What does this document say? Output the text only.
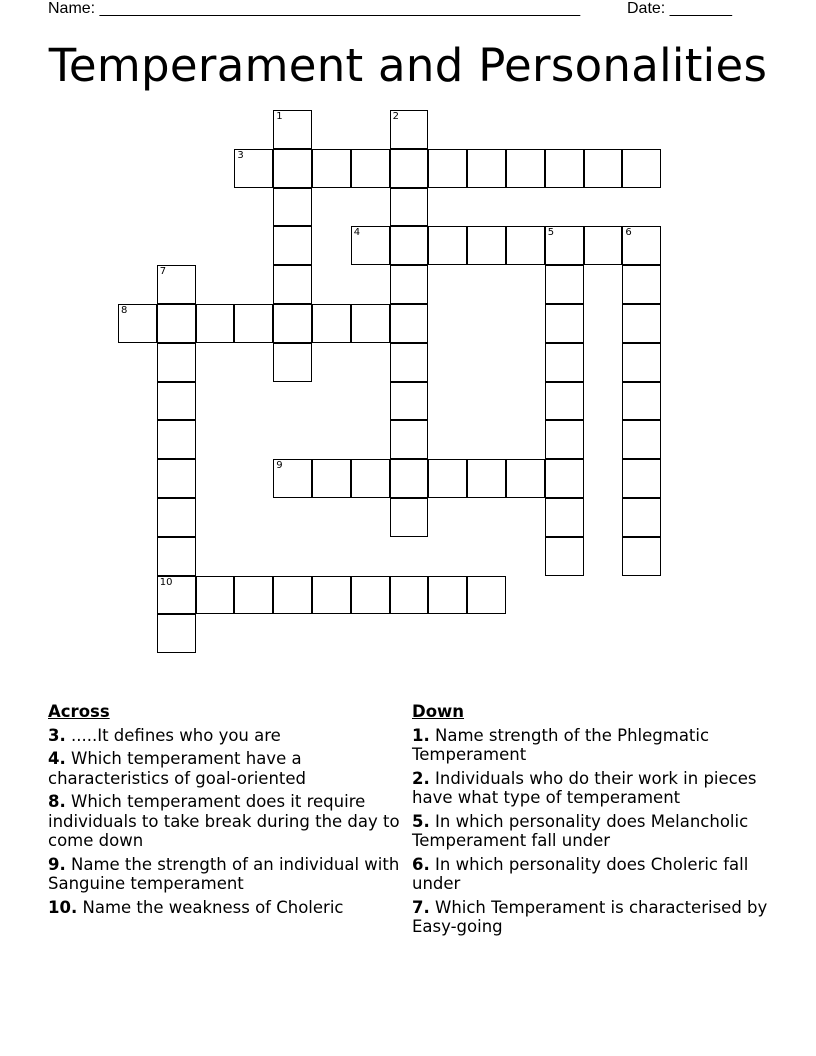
Name: ______________________________________________________	Date: _______
Temperament and Personalities
1	2
3
4	5	6
7
10
8
9
Across
3. .....It defines who you are
4. Which temperament have a characteristics of goal-oriented
8. Which temperament does it require individuals to take break during the day to come down
9. Name the strength of an individual with Sanguine temperament
10. Name the weakness of Choleric
Down
1. Name strength of the Phlegmatic Temperament
2. Individuals who do their work in pieces have what type of temperament
5. In which personality does Melancholic Temperament fall under
6. In which personality does Choleric fall under
7. Which Temperament is characterised by Easy-going
